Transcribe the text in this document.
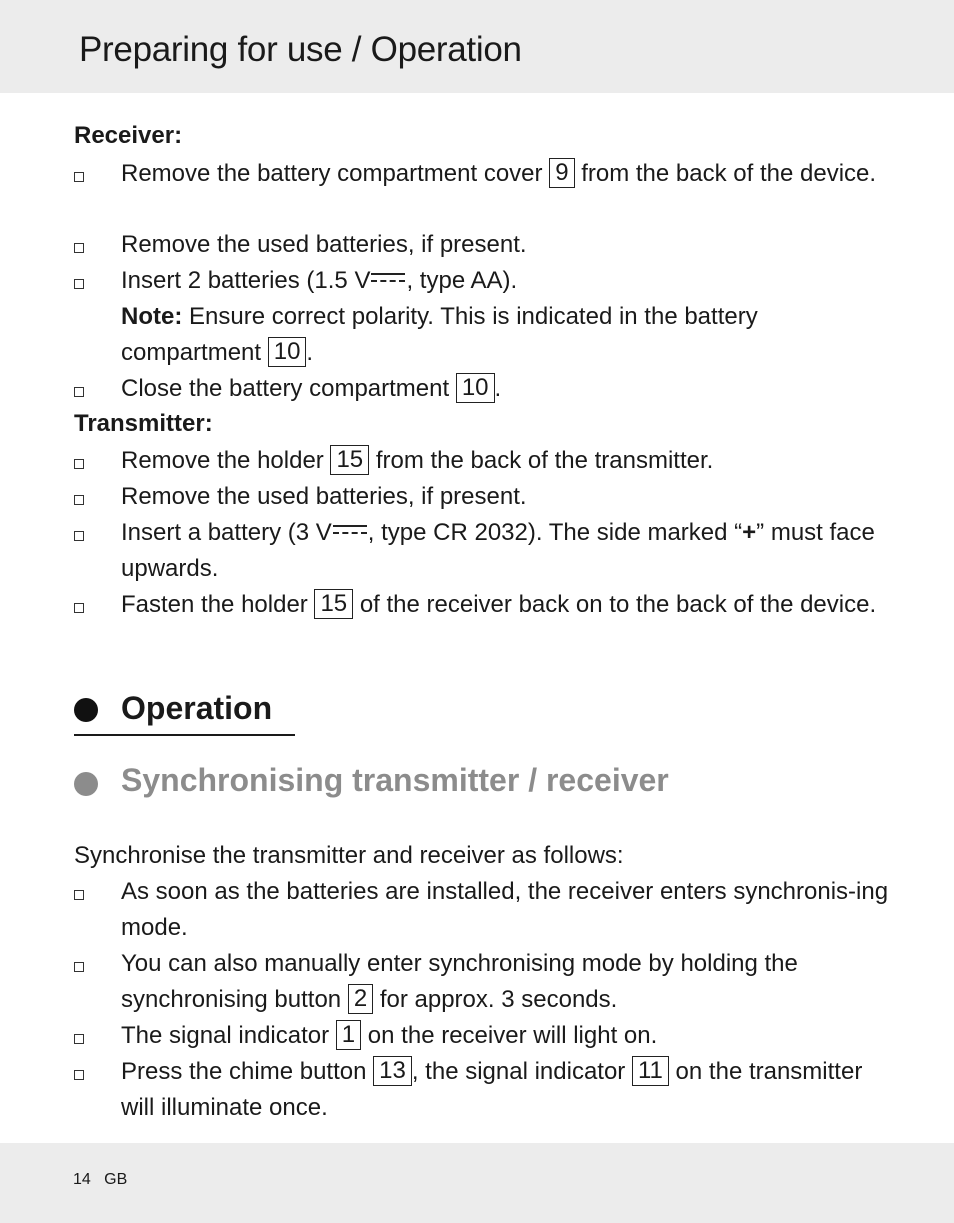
Preparing for use / Operation
Receiver:
Remove the battery compartment cover 9 from the back of the device.
Remove the used batteries, if present.
Insert 2 batteries (1.5 V , type AA).
Note: Ensure correct polarity. This is indicated in the battery compartment 10 .
Close the battery compartment 10 .
Transmitter:
Remove the holder 15 from the back of the transmitter.
Remove the used batteries, if present.
Insert a battery (3 V , type CR 2032). The side marked “+” must face upwards.
Fasten the holder 15 of the receiver back on to the back of the device.
Operation
Synchronising transmitter / receiver

Synchronise the transmitter and receiver as follows:

As soon as the batteries are installed, the receiver enters synchronis-ing mode.
You can also manually enter synchronising mode by holding the synchronising button 2 for approx. 3 seconds.
The signal indicator 1 on the receiver will light on.
Press the chime button 13 , the signal indicator 11 on the transmitter will illuminate once.
14 GB
